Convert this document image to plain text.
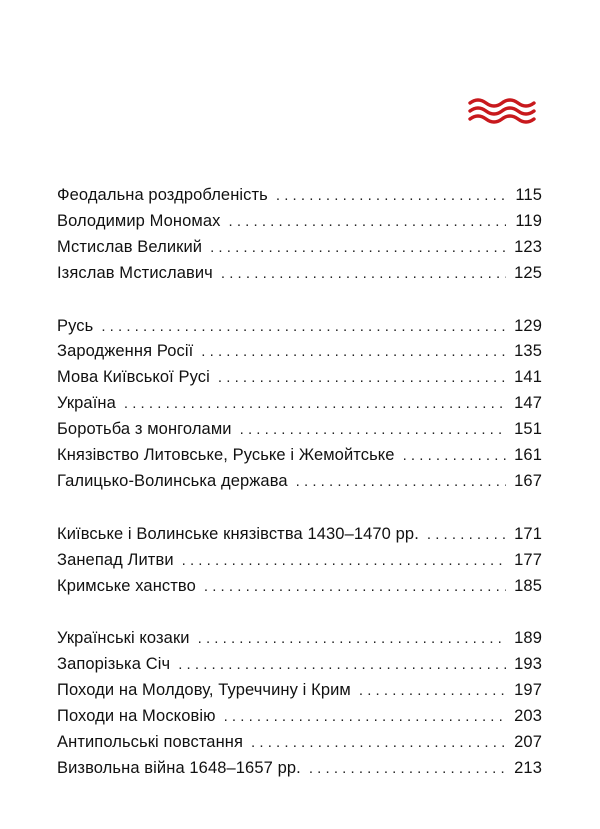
Феодальна роздробленість . . .	115
Володимир Мономах . . .	119
Мстислав Великий . . .	123
Ізяслав Мстиславич . . .	125
Русь . . .	129
Зародження Росії . . .	135
Мова Київської Русі . . .	141
Україна . . .	147
Боротьба з монголами . . .	151
Князівство Литовське, Руське і Жемойтське . . .	161
Галицько-Волинська держава . . .	167
Київське і Волинське князівства 1430–1470 рр. . . .	171
Занепад Литви . . .	177
Кримське ханство . . .	185
Українські козаки . . .	189
Запорізька Січ . . .	193
Походи на Молдову, Туреччину і Крим . . .	197
Походи на Московію . . .	203
Антипольські повстання . . .	207
Визвольна війна 1648–1657 рр. . . .	213
